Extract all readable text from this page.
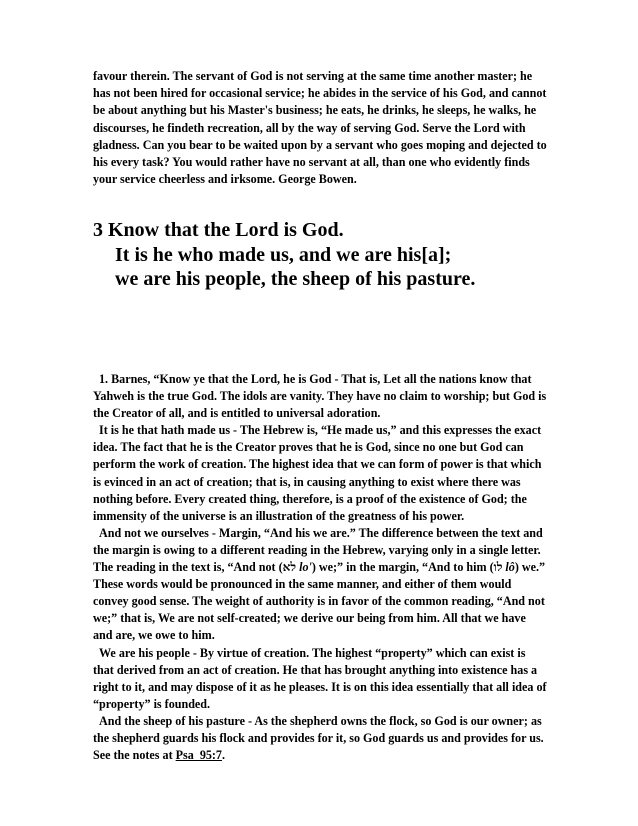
favour therein. The servant of God is not serving at the same time another master; he has not been hired for occasional service; he abides in the service of his God, and cannot be about anything but his Master's business; he eats, he drinks, he sleeps, he walks, he discourses, he findeth recreation, all by the way of serving God. Serve the Lord with gladness. Can you bear to be waited upon by a servant who goes moping and dejected to his every task? You would rather have no servant at all, than one who evidently finds your service cheerless and irksome. George Bowen.

3 Know that the Lord is God.
It is he who made us, and we are his[a];
we are his people, the sheep of his pasture.

1. Barnes, “Know ye that the Lord, he is God - That is, Let all the nations know that Yahweh is the true God. The idols are vanity. They have no claim to worship; but God is the Creator of all, and is entitled to universal adoration.

It is he that hath made us - The Hebrew is, “He made us,” and this expresses the exact idea. The fact that he is the Creator proves that he is God, since no one but God can perform the work of creation. The highest idea that we can form of power is that which is evinced in an act of creation; that is, in causing anything to exist where there was nothing before. Every created thing, therefore, is a proof of the existence of God; the immensity of the universe is an illustration of the greatness of his power.

And not we ourselves - Margin, “And his we are.” The difference between the text and the margin is owing to a different reading in the Hebrew, varying only in a single letter. The reading in the text is, “And not (לא lo') we;” in the margin, “And to him (לו lô) we.” These words would be pronounced in the same manner, and either of them would convey good sense. The weight of authority is in favor of the common reading, “And not we;” that is, We are not self-created; we derive our being from him. All that we have and are, we owe to him.

We are his people - By virtue of creation. The highest “property” which can exist is that derived from an act of creation. He that has brought anything into existence has a right to it, and may dispose of it as he pleases. It is on this idea essentially that all idea of “property” is founded.

And the sheep of his pasture - As the shepherd owns the flock, so God is our owner; as the shepherd guards his flock and provides for it, so God guards us and provides for us. See the notes at Psa_95:7.
